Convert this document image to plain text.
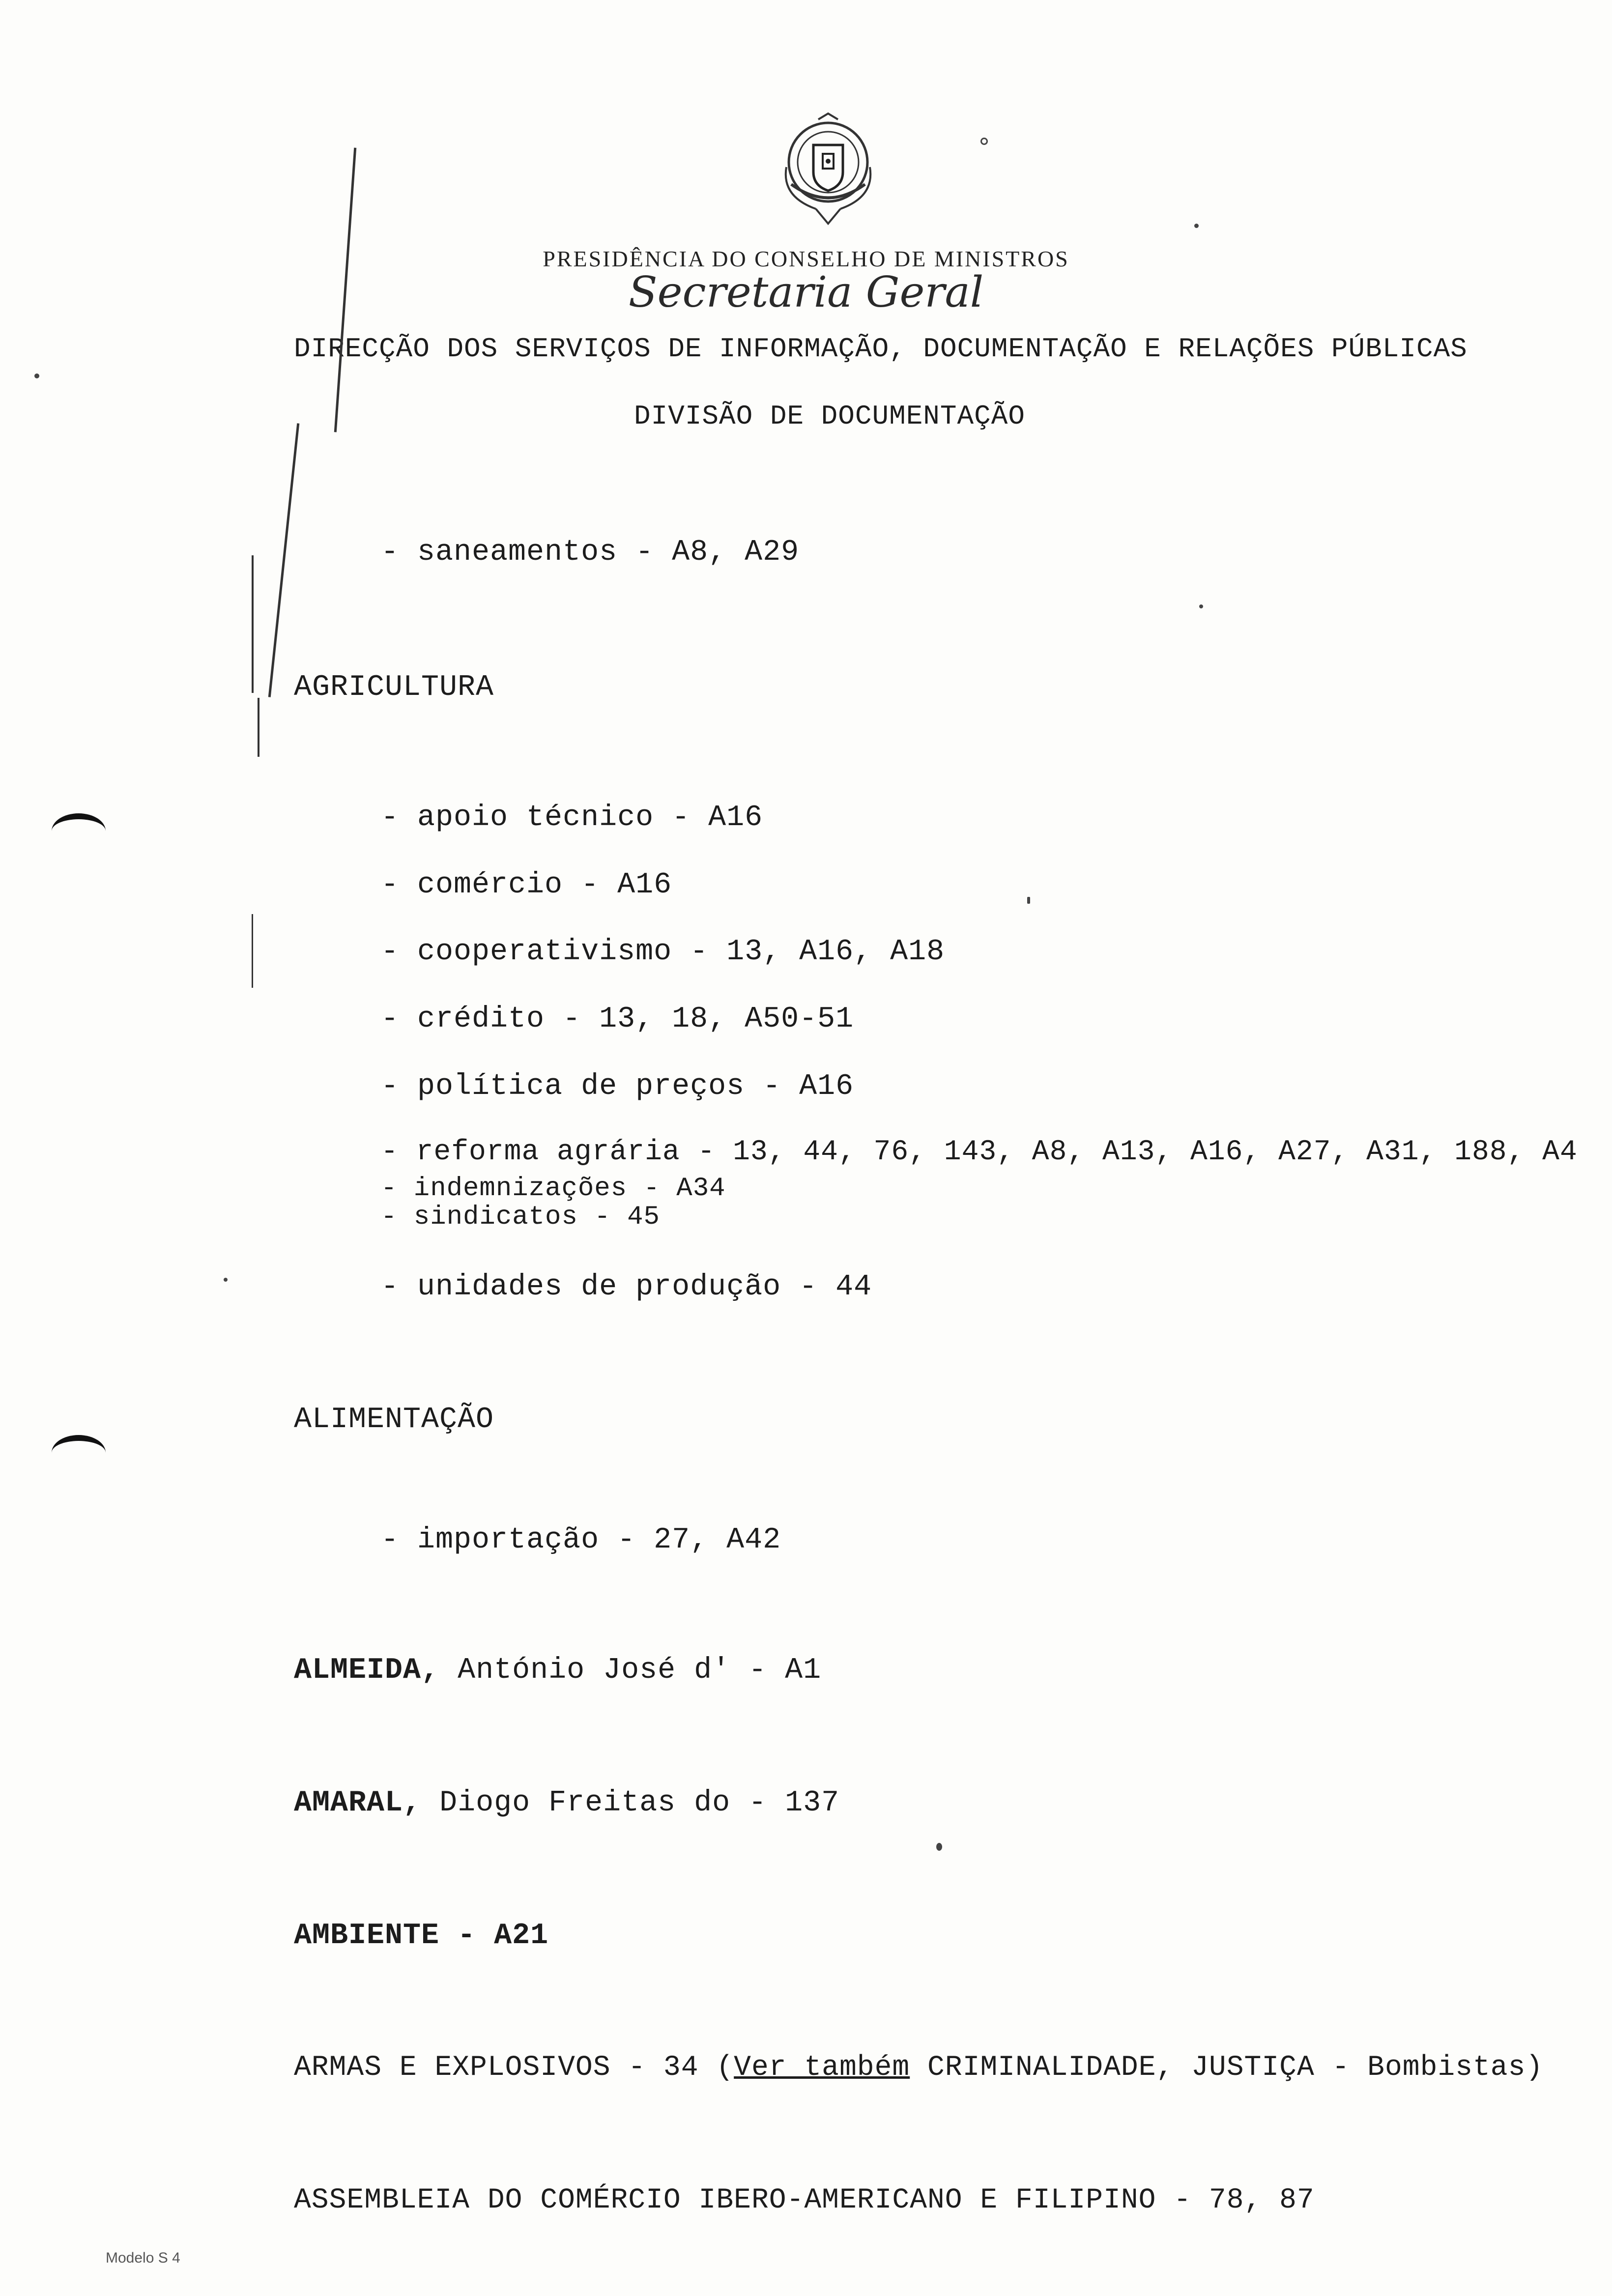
PRESIDÊNCIA DO CONSELHO DE MINISTROS
Secretaria Geral
DIRECÇÃO DOS SERVIÇOS DE INFORMAÇÃO, DOCUMENTAÇÃO E RELAÇÕES PÚBLICAS
DIVISÃO DE DOCUMENTAÇÃO
- saneamentos - A8, A29
AGRICULTURA
- apoio técnico - A16
- comércio - A16
- cooperativismo - 13, A16, A18
- crédito - 13, 18, A50-51
- política de preços - A16
- reforma agrária - 13, 44, 76, 143, A8, A13, A16, A27, A31, 188, A4
- indemnizações - A34
- sindicatos - 45
- unidades de produção - 44
ALIMENTAÇÃO
- importação - 27, A42
ALMEIDA, António José d' - A1
AMARAL, Diogo Freitas do - 137
AMBIENTE - A21
ARMAS E EXPLOSIVOS - 34 (Ver também CRIMINALIDADE, JUSTIÇA - Bombistas)
ASSEMBLEIA DO COMÉRCIO IBERO-AMERICANO E FILIPINO - 78, 87
Modelo S 4
